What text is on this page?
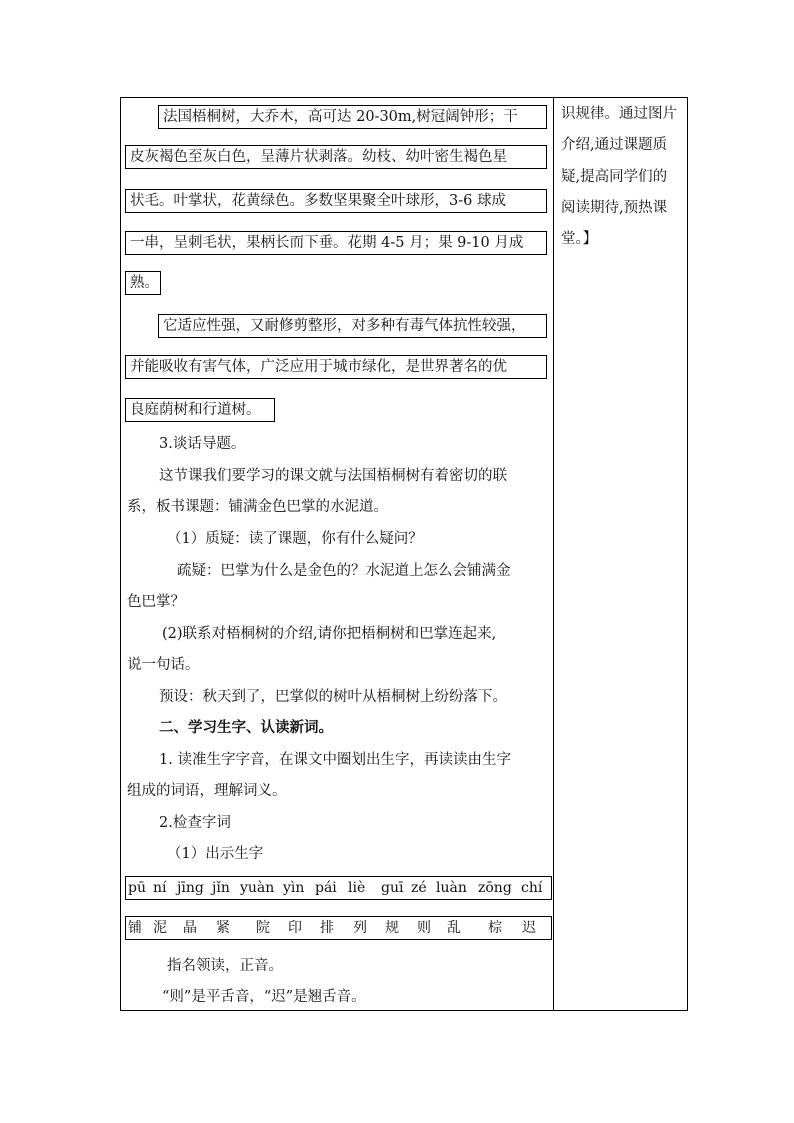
法国梧桐树，大乔木，高可达 20-30m,树冠阔钟形；干
皮灰褐色至灰白色，呈薄片状剥落。幼枝、幼叶密生褐色星
状毛。叶掌状，花黄绿色。多数坚果聚全叶球形，3-6 球成
一串，呈刺毛状，果柄长而下垂。花期 4-5 月；果 9-10 月成
熟。
它适应性强，又耐修剪整形，对多种有毒气体抗性较强，
并能吸收有害气体，广泛应用于城市绿化，是世界著名的优
良庭荫树和行道树。
3.谈话导题。
这节课我们要学习的课文就与法国梧桐树有着密切的联
系，板书课题：铺满金色巴掌的水泥道。
（1）质疑：读了课题，你有什么疑问？
疏疑：巴掌为什么是金色的？水泥道上怎么会铺满金
色巴掌？
(2)联系对梧桐树的介绍,请你把梧桐树和巴掌连起来,
说一句话。
预设：秋天到了，巴掌似的树叶从梧桐树上纷纷落下。
二、学习生字、认读新词。
1. 读准生字字音，在课文中圈划出生字，再读读由生字
组成的词语，理解词义。
2.检查字词
（1）出示生字
pū ní jīng jǐn yuàn yìn pái liè guī zé luàn zōng chí
铺 泥 晶 紧 院 印 排 列 规 则 乱 棕 迟
指名领读，正音。
“则”是平舌音，“迟”是翘舌音。
识规律。通过图片
介绍,通过课题质
疑,提高同学们的
阅读期待,预热课
堂。】
